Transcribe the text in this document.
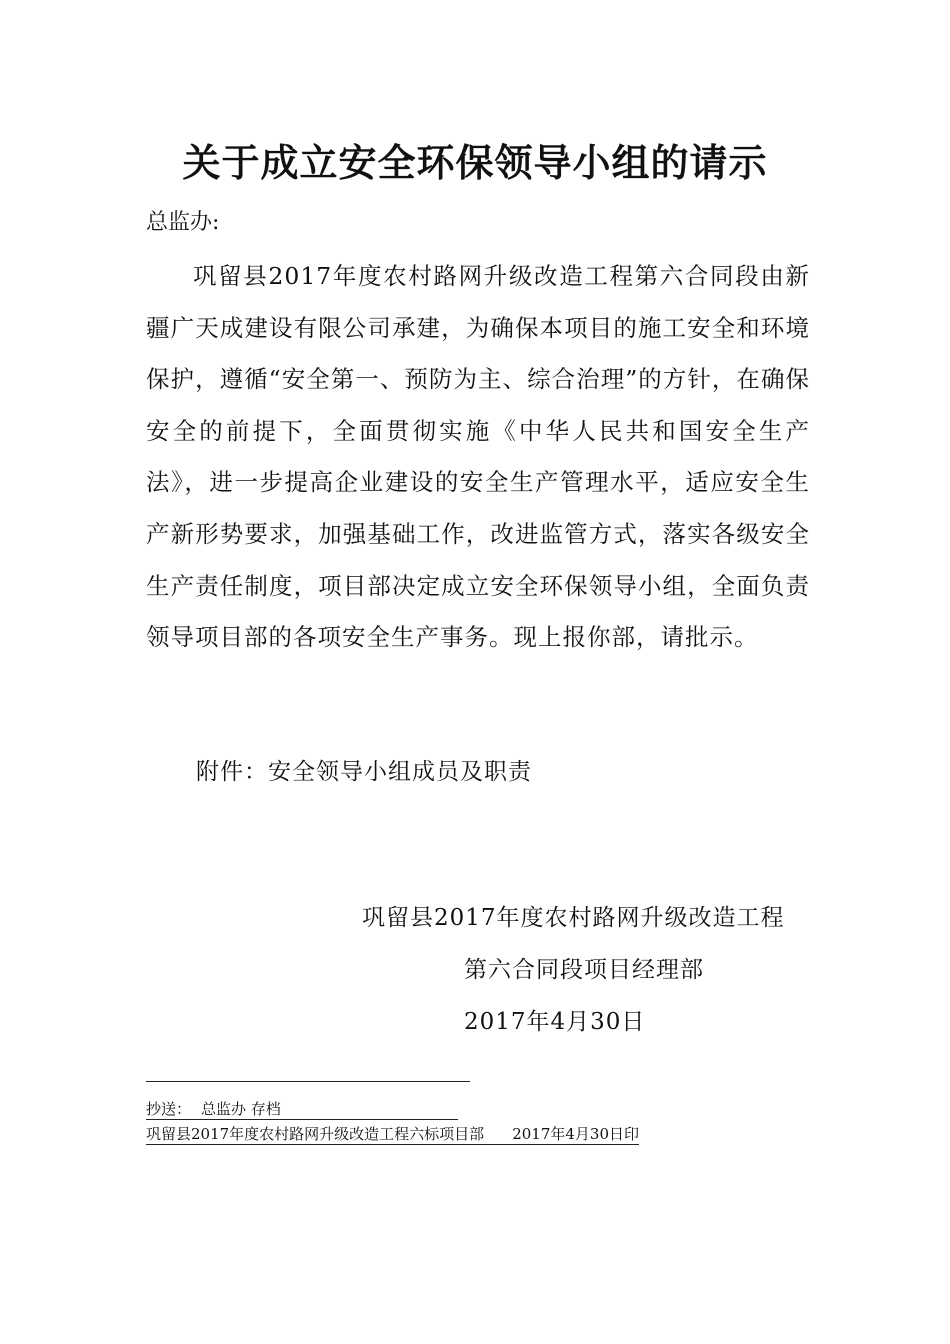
关于成立安全环保领导小组的请示
总监办:

巩留县2017年度农村路网升级改造工程第六合同段由新疆广天成建设有限公司承建，为确保本项目的施工安全和环境保护，遵循“安全第一、预防为主、综合治理”的方针，在确保安全的前提下，全面贯彻实施《中华人民共和国安全生产法》，进一步提高企业建设的安全生产管理水平，适应安全生产新形势要求，加强基础工作，改进监管方式，落实各级安全生产责任制度，项目部决定成立安全环保领导小组，全面负责领导项目部的各项安全生产事务。现上报你部，请批示。

附件：安全领导小组成员及职责
巩留县2017年度农村路网升级改造工程
第六合同段项目经理部
2017年4月30日
抄送： 总监办 存档
巩留县2017年度农村路网升级改造工程六标项目部 2017年4月30日印
